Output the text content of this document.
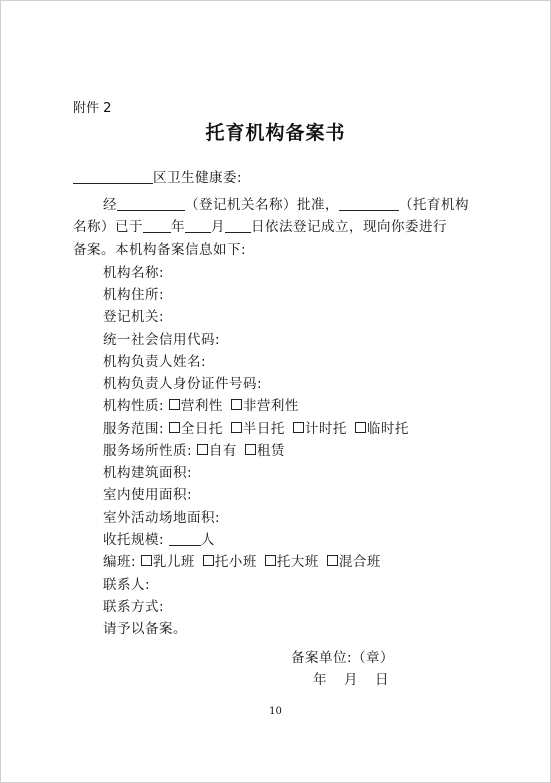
附件 2
托育机构备案书
区卫生健康委:
经	（登记机关名称）批准，	（托育机构
名称）已于 年 月 日依法登记成立，现向你委进行
备案。本机构备案信息如下:
机构名称:
机构住所:
登记机关:
统一社会信用代码:
机构负责人姓名:
机构负责人身份证件号码:
机构性质: 营利性 非营利性
服务范围: 全日托 半日托 计时托 临时托
服务场所性质: 自有 租赁
机构建筑面积:
室内使用面积:
室外活动场地面积:
收托规模:	人
编班: 乳儿班 托小班 托大班 混合班
联系人:
联系方式:
请予以备案。
备案单位:（章）
年　月　日
10
